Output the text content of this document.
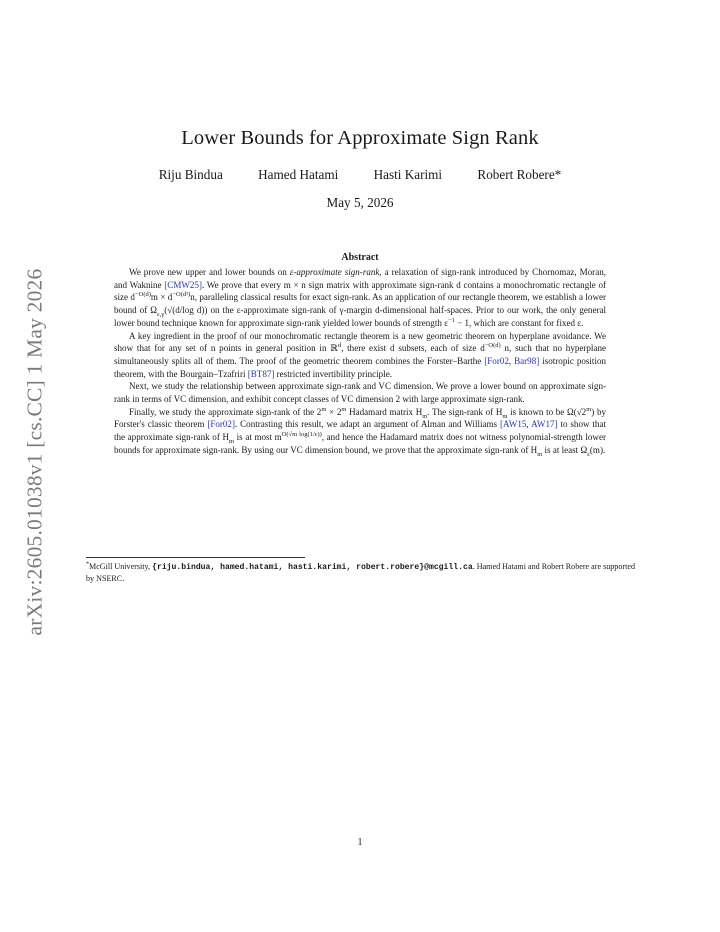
arXiv:2605.01038v1 [cs.CC] 1 May 2026
Lower Bounds for Approximate Sign Rank
Riju Bindua	Hamed Hatami	Hasti Karimi	Robert Robere*
May 5, 2026
Abstract

We prove new upper and lower bounds on ε-approximate sign-rank, a relaxation of sign-rank introduced by Chornomaz, Moran, and Waknine [CMW25]. We prove that every m × n sign matrix with approximate sign-rank d contains a monochromatic rectangle of size $d^{-O(d)}m \times d^{-O(d^2)}n$, paralleling classical results for exact sign-rank. As an application of our rectangle theorem, we establish a lower bound of $\Omega_{\varepsilon,\gamma}(√(d/\log$ d)) on the ε-approximate sign-rank of γ-margin d-dimensional half-spaces. Prior to our work, the only general lower bound technique known for approximate sign-rank yielded lower bounds of strength $\varepsilon^{-1} - 1$, which are constant for fixed ε.

A key ingredient in the proof of our monochromatic rectangle theorem is a new geometric theorem on hyperplane avoidance. We show that for any set of n points in general position in ℝ$^d$, there exist d subsets, each of size $d^{-O(d)}$ n, such that no hyperplane simultaneously splits all of them. The proof of the geometric theorem combines the Forster–Barthe [For02, Bar98] isotropic position theorem, with the Bourgain–Tzafriri [BT87] restricted invertibility principle.

Next, we study the relationship between approximate sign-rank and VC dimension. We prove a lower bound on approximate sign-rank in terms of VC dimension, and exhibit concept classes of VC dimension 2 with large approximate sign-rank.

Finally, we study the approximate sign-rank of the $2^m \times 2^m$ Hadamard matrix $H_m$. The sign-rank of $H_m$ is known to be Ω(√2$^m$) by Forster's classic theorem [For02]. Contrasting this result, we adapt an argument of Alman and Williams [AW15, AW17] to show that the approximate sign-rank of $H_m$ is at most $m^{O(√m log(1/\varepsilon))}$, and hence the Hadamard matrix does not witness polynomial-strength lower bounds for approximate sign-rank. By using our VC dimension bound, we prove that the approximate sign-rank of $H_m$ is at least $\Omega_\varepsilon(m)$.

*McGill University, {riju.bindua, hamed.hatami, hasti.karimi, robert.robere}@mcgill.ca. Hamed Hatami and Robert Robere are supported by NSERC.
1
